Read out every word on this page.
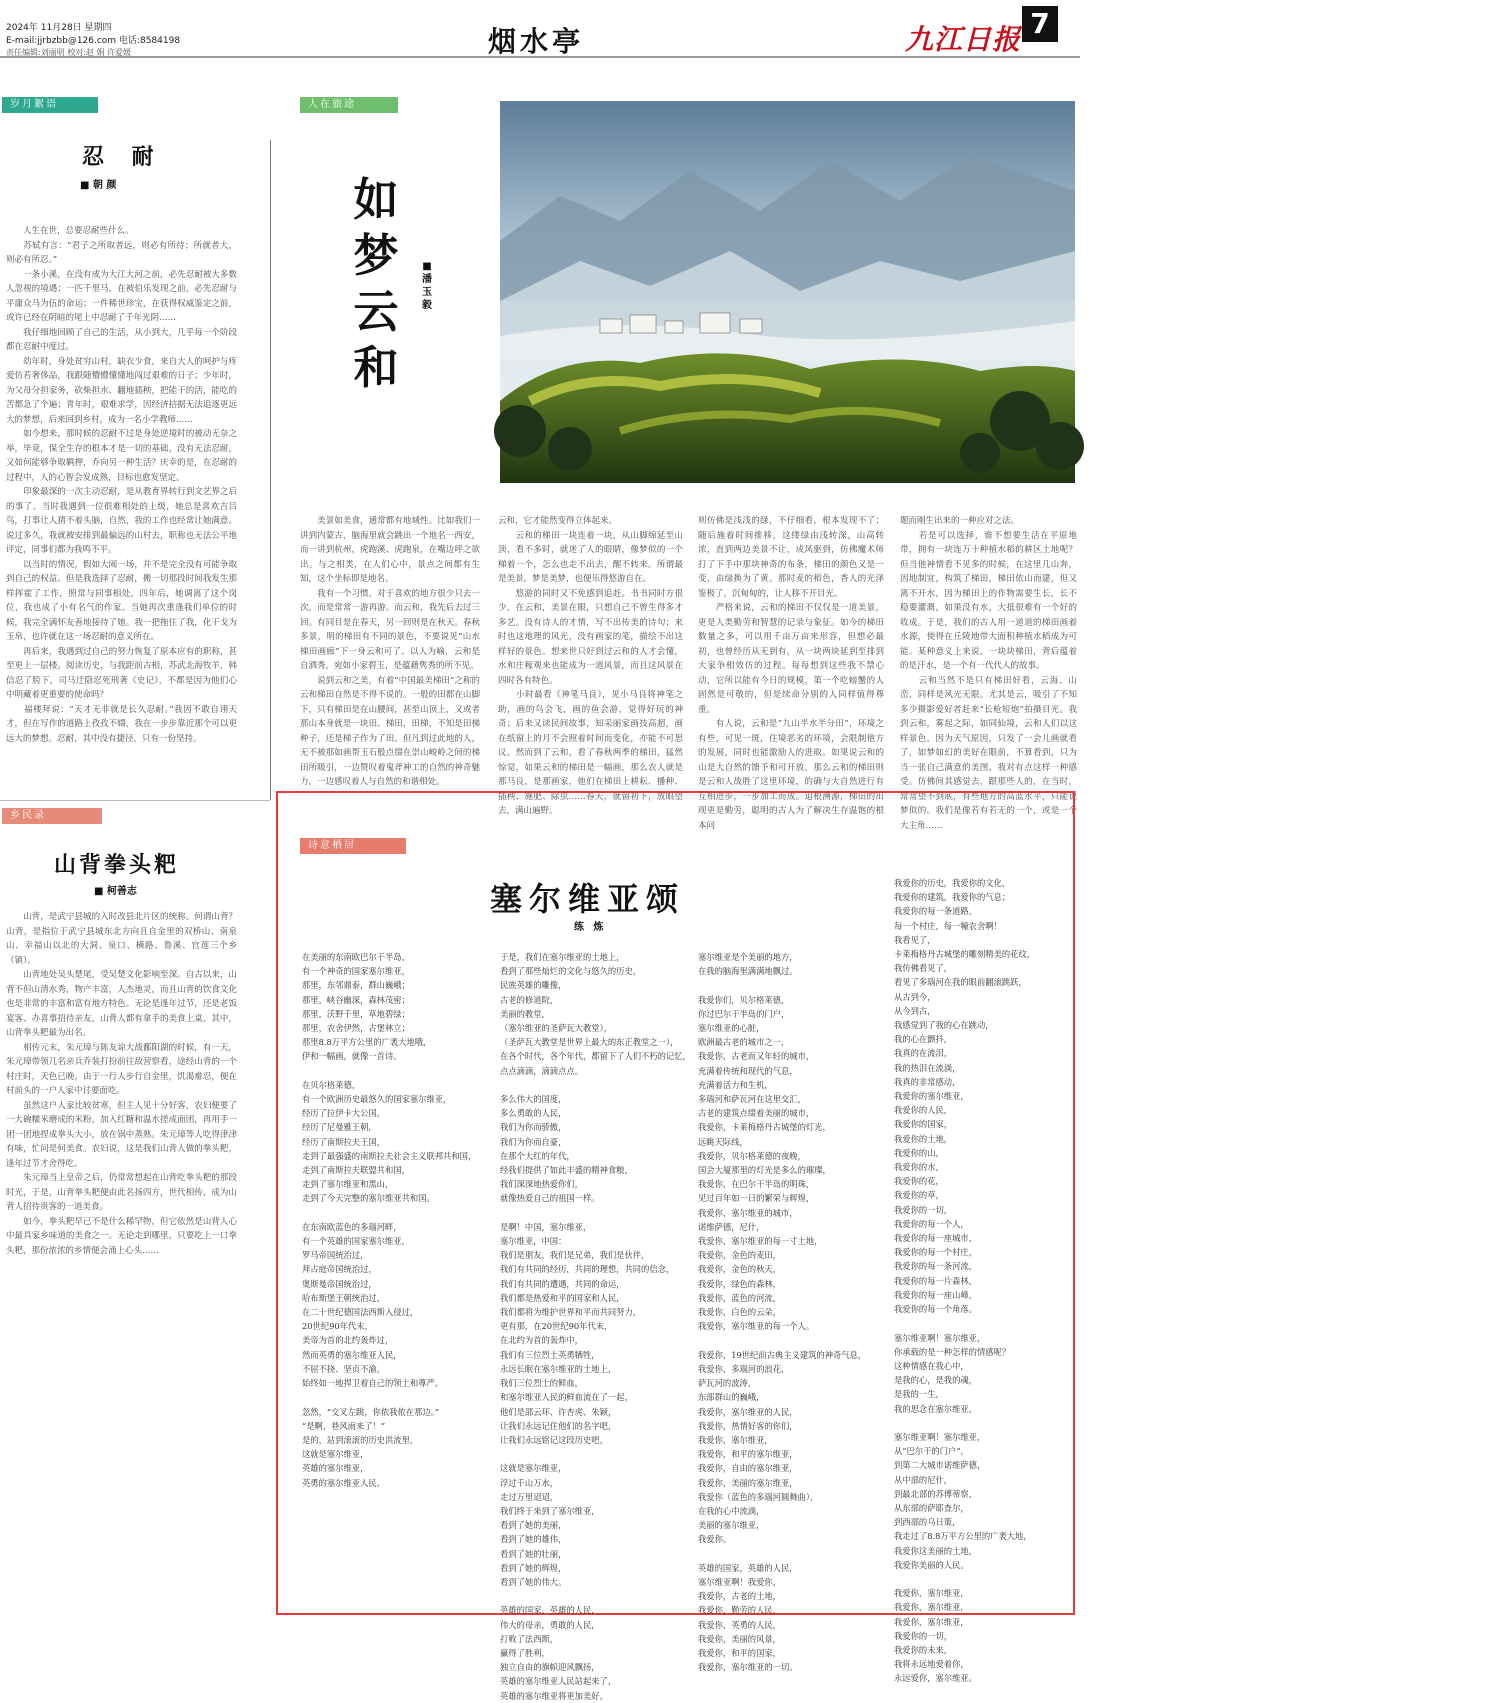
2024年 11月28日 星期四
E-mail:jjrbzbb@126.com 电话:8584198
责任编辑:刘丽明 校对:赵 娟 许爱媛	烟水亭	九江日报 7
岁月絮语	人在旅途
乡民录
诗意栖居
忍 耐
■ 朝 颜
　　人生在世，总要忍耐些什么。
　　苏轼有言：“君子之所取者远，则必有所待；所就者大，则必有所忍。”
　　一条小溪，在没有成为大江大河之前，必先忍耐被大多数人忽视的境遇；一匹千里马，在被伯乐发现之前，必先忍耐与平庸众马为伍的命运；一件稀世珍宝，在获得权威鉴定之前，或许已经在阴暗的尾上中忍耐了千年光阴……
　　我仔细地回顾了自己的生活，从小到大，几乎每一个阶段都在忍耐中度过。
　　幼年时，身处贫穷山村，缺衣少食，来自大人的呵护与疼爱仿若奢侈品，我跟随懵懵懂懂地闯过艰难的日子；少年时，为父母分担家务，砍柴担水、翻地插秧，把能干的活，能吃的苦都急了个遍；青年时，艰难求学，因经济拮据无法追逐更远大的梦想，后来回到乡村，成为一名小学教师……
　　如今想来，那时候的忍耐不过是身处逆境时的被动无奈之举，毕竟，保全生存的根本才是一切的基础，没有无法忍耐，又如何能够争取羁押，乔向另一种生活？庆幸的是，在忍耐的过程中，人的心智会发成熟，目标也愈发坚定。
　　印象最深的一次主动忍耐，是从教育界转行到文艺界之后的事了。当时我遇到一位很难相处的上级，她总是喜欢吉吕鸟，打事让人猜不着头脑，自然，我的工作也经常让她满意。说过多久，我就被安排到最偏远的山村去，职称也无法公平地评定，同事们都为我鸣不平。
　　以当时的情况，假如大闹一场，并不是完全没有可能争取到自己的权益。但是我选择了忍耐，搬一切那段时间我发生那样挥霍了工作，照常与同事相处，四年后，她调离了这个岗位，我也成了小有名气的作家。当她再次重逢我们单位的时候，我完全满怀友善地接待了她。我一把拖住了我，化干戈为玉帛，也许就在这一场忍耐的意义所在。
　　再后来，我遇到过自己的努力恢复了原本应有的职称，甚至更上一层楼。阅读历史，与我距前古相，苏武北海牧羊，韩信忍了胯下，司马迁隐忍死刑著《史记》，不都是因为他们心中明藏着更重要的使命吗？
　　福楼拜说：“天才无非就是长久忍耐。”我因不敢自诩天才，但在写作的道路上孜孜不辍，我在一步步靠近那个可以更远大的梦想。忍耐，其中没有捷径，只有一份坚持。
如
梦
云
和
■
潘
玉
毅
山村秋景 吴建荣 摄
　　美景如美食，通常都有地域性。比如我们一讲到内蒙古，脑海里就会跳出一个地名一西安，而一讲到杭州，虎跑溪、虎跑泉，在嘴边呼之欲出。与之相类，在人们心中，景点之间都有生知，这个坐标即是地名。
　　我有一个习惯，对于喜欢的地方很少只去一次，而是常常一游再游。而云和，我先后去过三回。有同目是在春天，另一回则是在秋天。春秋多景，明的梯田有不同的景色，不要说见“山水梯田画廊”下一身云和可了。以人为喻，云和是自酒秀，宛如小家碧玉，是蕴藉隽秀的所不见。
　　说到云和之美，有着“中国最美梯田”之称的云和梯田自然是不得不说的。一般的田都在山脚下，只有梯田是在山腰间，甚至山顶上，又或者那山本身就是一块田。梯田，田梯，不知是田梯种子，还是梯子作为了田。但凡到过此地的人，无不被那如画帮玉石般点缀在崇山峻岭之间的梯田所吸引，一边赞叹着鬼斧神工的自然的神奇魅力，一边感叹着人与自然的和谐相处。
云和，它才能然变得立体起来。
　　云和的梯田一块连着一块，从山脚绵延至山顶，看不多时，就迷了人的眼睛，像梦似的一个梯着一个，怎么也走不出去，醒不转来。所谓最是美景，梦是美梦，也便乐得悠游自在。
　　悠游的同时又不免感到追赶。书书同时方很少，在云和，美景在眼，只想自己不曾生得多才多艺。没有诗人的才情，写不出传美的诗句；来时也这地理的风光，没有画家的笔，描绘不出这样好的景色。想来世只好到过云和的人才会懂，水和庄稼观来也能成为一道风景，而且这风景在四时各有特色。
　　小时最看《神笔马良》，见小马良将神笔之助，画的鸟会飞，画的鱼会游，觉得好玩的神奇；后来又读民间故事，知采丽家画技高超，画在纸窗上的月不会照着时间而变化，亦能不可思议。然而到了云和，看了春秋两季的梯田，猛然惊觉，如果云和的梯田是一幅画，那么农人就是那马良，是那画家，他们在梯田上耕耘、播种、插秧、施肥、除虫……春天，就留初下，放眼望去，满山遍野。
则仿佛是浅浅的绿，不仔细看，根本发现不了；随后施着时间推移，这缕绿由浅转深，山高转浓，直到两边美景不让，成风驱到，仿佛魔术师打了下手中那块神奇的布条，梯田的颜色又是一变，由绿换为了黄。那时麦的稻色，香人的光泽鉴极了，沉甸甸的，让人移不开目光。
　　严格来说，云和的梯田不仅仅是一道美景，更是人类勤劳和智慧的记录与象征。如今的梯田数量之多，可以用千亩万亩来形容，但想必最初，也曾经历从无到有，从一块两块延到至排到大家争相效仿的过程。每每想到这些我不禁心动，它所以能有今日的规模，第一个吃螃蟹的人固然是可敬的，但是续命分别的人同样值得尊重。
　　有人说，云和是“九山半水半分田”，环境之有些，可见一斑，住境恶劣的环境，会限制他方的发展，同时也能激励人的进取。如果说云和的山是大自然的馈予和可开放，那么云和的梯田则是云和人战胜了这里环境，的确与大自然进行有互相进步，一步加工而成。追根溯源，梯田的出现更是勤劳，聪明的古人为了解决生存温饱的根本问
题而刚生出来的一种应对之法。
　　若是可以选择，谁不想要生活在平原地带，拥有一块连万十种植水稻的耕区土地呢？但当他神情看不见多的时候，在这里几山奔，因地制宜，构筑了梯田，梯田依山而建，但又离不开水，因为梯田上的作物需要生长，长不稳要灌溉，如果没有水，大抵很难有一个好的收成。于是，我们的古人用一道道的梯田画着水源，使得在丘陵地带大面积种植水稻成为可能。某种意义上来说，一块块梯田，背后蕴着的是汗水，是一个有一代代人的故事。
　　云和当然不是只有梯田好看，云海、山峦，同样是风光无限。尤其是云，吸引了不知多少摄影爱好者赶来“长枪短炮”拍摄目光。我到云和，雾起之际，如同仙境，云和人们以这样景色，因为天气原因，只发了一会儿画就看了，如梦如幻的美好在眼前，不算看到，只为当一张自己满意的美图。我对有点这样一种感受。仿佛间其感觉去，跟那些人的，在当时，常常望不到底，有些地方的高蓝水平，只能说梦似的。我们是像若有若无的一个，或是一个大主角……
山背拳头粑
■ 柯善志
　　山背，是武宁县城的入时改县北片区的统称。何谓山背？山背，是指位于武宁县城东北方向且自金里的双桥山、南泉山、幸福山以北的大洞、泉口、横路、鲁溪、官莲三个乡（镇）。
　　山背地处吴头楚尾，受吴楚文化影响至深。自古以来，山背不但山清水秀，物产丰富，人杰地灵，而且山背的饮食文化也是非常的丰富和富有地方特色。无论是逢年过节，还是老饭宴客、办喜事招待亲友，山背人都有拿手的美食上桌，其中，山背拳头粑最为出名。
　　相传元末，朱元璋与陈友谅大战鄱阳湖的时候，有一天，朱元璋带领几名亲兵乔装打扮前往敌营察看，途经山背的一个村庄时，天色已晚，由于一行人步行自金里，饥渴难忍，便在村前头的一户人家中讨要面吃。
　　虽然这户人家比较贫寒，但主人见十分好客，农妇便要了一大碗糯米磨成的米粉，加入红糖和温水搓成面团，再用手一团一团地捏成拳头大小，放在锅中蒸熟。朱元璋等人吃得津津有味，忙问是何美食。农妇说，这是我们山背人做的拳头粑，逢年过节才舍得吃。
　　朱元璋当上皇帝之后，仍常常想起在山背吃拳头粑的那段时光，于是，山背拳头粑便由此名扬四方，世代相传，成为山背人招待贵客的一道美食。
　　如今，拳头粑早已不是什么稀罕物，但它依然是山背人心中最具家乡味道的美食之一。无论走到哪里，只要吃上一口拳头粑，那份浓浓的乡情便会涌上心头……
塞尔维亚颂
练 炼
在美丽的东南欧巴尔干半岛，
有一个神奇的国家塞尔维亚，
那里，东邻鼎泰，群山巍峨；
那里，峡谷幽深，森林茂密；
那里，沃野千里，草地碧绿；
那里，农舍伊然，古堡林立；
那里8.8万平方公里的广袤大地哦，
伊和一幅画，就像一首诗。

在贝尔格莱德，
有一个欧洲历史最悠久的国家塞尔维亚，
经历了拉伊卡大公国，
经历了尼曼雅王朝，
经历了南斯拉夫王国，
走到了最强盛的南斯拉夫社会主义联邦共和国，
走到了南斯拉夫联盟共和国，
走到了塞尔维亚和黑山，
走到了今天完整的塞尔维亚共和国。

在东南欧蓝色的多瑙河畔，
有一个英雄的国家塞尔维亚，
罗马帝国统治过，
拜占庭帝国统治过，
奥斯曼帝国统治过，
哈布斯堡王朝统治过，
在二十世纪德国法西斯入侵过，
20世纪90年代末，
美帝为首的北约轰炸过，
然而英勇的塞尔维亚人民，
不屈不挠、坚贞不渝，
始终如一地捍卫着自己的领土和尊严。

忽然，“交叉左跳，你侬我侬在那边。”
“是啊，巷风雨来了！”
是的，站到滚滚的历史洪流里，
这就是塞尔维亚，
英雄的塞尔维亚，
英勇的塞尔维亚人民。
于是，我们在塞尔维亚的土地上，
看到了那些灿烂的文化与悠久的历史，
民族英雄的雕像，
古老的修道院，
美丽的教堂，
（塞尔维亚的圣萨瓦大教堂），
（圣萨瓦大教堂是世界上最大的东正教堂之一），
在各个时代，各个年代，都留下了人们不朽的记忆，
点点滴滴，滴滴点点。

多么伟大的国度，
多么勇敢的人民，
我们为你而骄傲，
我们为你而自豪，
在那个大红的年代，
经我们提供了如此丰盛的精神食粮，
我们深深地热爱你们，
就像热爱自己的祖国一样。

是啊！中国，塞尔维亚，
塞尔维亚，中国：
我们是朋友，我们是兄弟，我们是伙伴，
我们有共同的经历，共同的理想，共同的信念，
我们有共同的遭遇，共同的命运，
我们都是热爱和平的国家和人民，
我们都将为维护世界和平而共同努力，
更有那，在20世纪90年代末，
在北约为首的轰炸中，
我们有三位烈士英勇牺牲，
永远长眠在塞尔维亚的土地上，
我们三位烈士的鲜血，
和塞尔维亚人民的鲜血流在了一起，
他们是邵云环、许杏虎、朱颖，
让我们永远记住他们的名字吧，
让我们永远铭记这段历史吧。

这就是塞尔维亚，
浮过千山万水，
走过万里迢迢，
我们终于来到了塞尔维亚，
看到了她的美丽，
看到了她的雄伟，
看到了她的壮丽，
看到了她的辉煌，
看到了她的伟大。

英雄的国家，英雄的人民，
伟大的母亲，勇敢的人民，
打败了法西斯，
赢得了胜利，
独立自由的旗帜迎风飘扬，
英雄的塞尔维亚人民站起来了，
英雄的塞尔维亚将更加美好。
塞尔维亚是个美丽的地方，
在我的脑海里满满地飘过。

我爱你们，贝尔格莱德，
你过巴尔干半岛的门户，
塞尔维亚的心脏，
欧洲最古老的城市之一，
我爱你，古老而又年轻的城市，
充满着传统和现代的气息，
充满着活力和生机，
多瑙河和萨瓦河在这里交汇，
古老的建筑点缀着美丽的城市，
我爱你，卡莱梅格丹古城堡的灯光，
远眺天际线，
我爱你，贝尔格莱德的夜晚，
国会大厦那里的灯光是多么的璀璨，
我爱你，在巴尔干半岛的明珠，
见过百年如一日的繁荣与辉煌，
我爱你，塞尔维亚的城市，
诺维萨德，尼什，
我爱你，塞尔维亚的每一寸土地，
我爱你，金色的麦田，
我爱你，金色的秋天，
我爱你，绿色的森林，
我爱你，蓝色的河流，
我爱你，白色的云朵，
我爱你，塞尔维亚的每一个人。

我爱你，19世纪前古典主义建筑的神奇气息，
我爱你，多瑙河的浪花，
萨瓦河的波涛，
东部群山的巍峨，
我爱你，塞尔维亚的人民，
我爱你，热情好客的你们，
我爱你，塞尔维亚，
我爱你，和平的塞尔维亚，
我爱你，自由的塞尔维亚，
我爱你，美丽的塞尔维亚，
我爱你（蓝色的多瑙河圆舞曲），
在我的心中流淌，
美丽的塞尔维亚，
我爱你。

英雄的国家，英雄的人民，
塞尔维亚啊！我爱你，
我爱你，古老的土地，
我爱你，勤劳的人民，
我爱你，英勇的人民，
我爱你，美丽的风景，
我爱你，和平的国家，
我爱你，塞尔维亚的一切。
我爱你的历史，我爱你的文化，
我爱你的建筑，我爱你的气息；
我爱你的每一条道路，
每一个村庄，每一幢农舍啊！
我看见了，
卡莱梅格丹古城堡的雕刻精美的花纹，
我仿佛看见了，
看见了多瑙河在我的眼前翻滚跳跃，
从古到今，
从今到古，
我感觉到了我的心在跳动，
我的心在颤抖，
我真的在流泪，
我的热泪在流淌，
我真的非常感动，
我爱你的塞尔维亚，
我爱你的人民，
我爱你的国家，
我爱你的土地，
我爱你的山，
我爱你的水，
我爱你的花，
我爱你的草，
我爱你的一切，
我爱你的每一个人，
我爱你的每一座城市，
我爱你的每一个村庄，
我爱你的每一条河流，
我爱你的每一片森林，
我爱你的每一座山峰，
我爱你的每一个角落。

塞尔维亚啊！塞尔维亚，
你承载的是一种怎样的情感呢？
这种情感在我心中，
是我的心，是我的魂，
是我的一生，
我的思念在塞尔维亚。

塞尔维亚啊！塞尔维亚，
从“巴尔干的门户”，
到第二大城市诺维萨德，
从中部的尼什，
到最北部的苏博蒂察，
从东部的萨耶查尔，
到西部的乌日策，
我走过了8.8万平方公里的广袤大地，
我爱你这美丽的土地，
我爱你美丽的人民。

我爱你，塞尔维亚，
我爱你，塞尔维亚，
我爱你，塞尔维亚，
我爱你的一切，
我爱你的未来，
我将永远地爱着你，
永远爱你，塞尔维亚。
